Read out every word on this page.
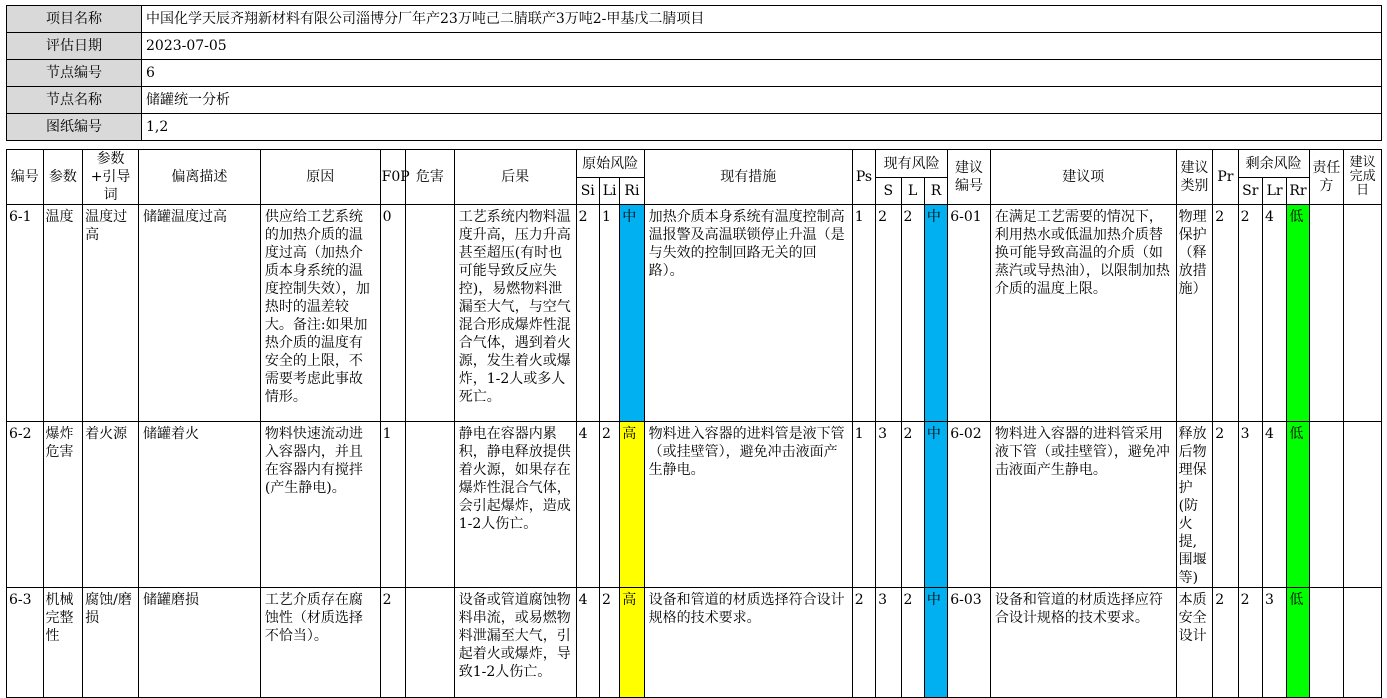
项目名称	中国化学天辰齐翔新材料有限公司淄博分厂年产23万吨己二腈联产3万吨2-甲基戊二腈项目
评估日期	2023-07-05
节点编号	6
节点名称	储罐统一分析
图纸编号	1,2
编号	参数	参数+引导词	偏离描述	原因	F0P	危害	后果	原始风险			现有措施	Ps	现有风险			建议编号	建议项	建议类别	Pr	剩余风险			责任方	建议完成日
								Si	Li	Ri			S	L	R					Sr	Lr	Rr		
6-1	温度	温度过高	储罐温度过高	供应给工艺系统的加热介质的温度过高（加热介质本身系统的温度控制失效），加热时的温差较大。备注:如果加热介质的温度有安全的上限，不需要考虑此事故情形。	0		工艺系统内物料温度升高，压力升高甚至超压(有时也可能导致反应失控)，易燃物料泄漏至大气，与空气混合形成爆炸性混合气体，遇到着火源，发生着火或爆炸，1-2人或多人死亡。	2	1	中	加热介质本身系统有温度控制高温报警及高温联锁停止升温（是与失效的控制回路无关的回路）。	1	2	2	中	6-01	在满足工艺需要的情况下，利用热水或低温加热介质替换可能导致高温的介质（如蒸汽或导热油），以限制加热介质的温度上限。	物理保护（释放措施）	2	2	4	低		
6-2	爆炸危害	着火源	储罐着火	物料快速流动进入容器内，并且在容器内有搅拌(产生静电)。	1		静电在容器内累积，静电释放提供着火源，如果存在爆炸性混合气体，会引起爆炸，造成1-2人伤亡。	4	2	高	物料进入容器的进料管是液下管（或挂壁管），避免冲击液面产生静电。	1	3	2	中	6-02	物料进入容器的进料管采用液下管（或挂壁管），避免冲击液面产生静电。	释放后物理保护(防火提,围堰等)	2	3	4	低		
6-3	机械完整性	腐蚀/磨损	储罐磨损	工艺介质存在腐蚀性（材质选择不恰当）。	2		设备或管道腐蚀物料串流，或易燃物料泄漏至大气，引起着火或爆炸，导致1-2人伤亡。	4	2	高	设备和管道的材质选择符合设计规格的技术要求。	2	3	2	中	6-03	设备和管道的材质选择应符合设计规格的技术要求。	本质安全设计	2	2	3	低		
